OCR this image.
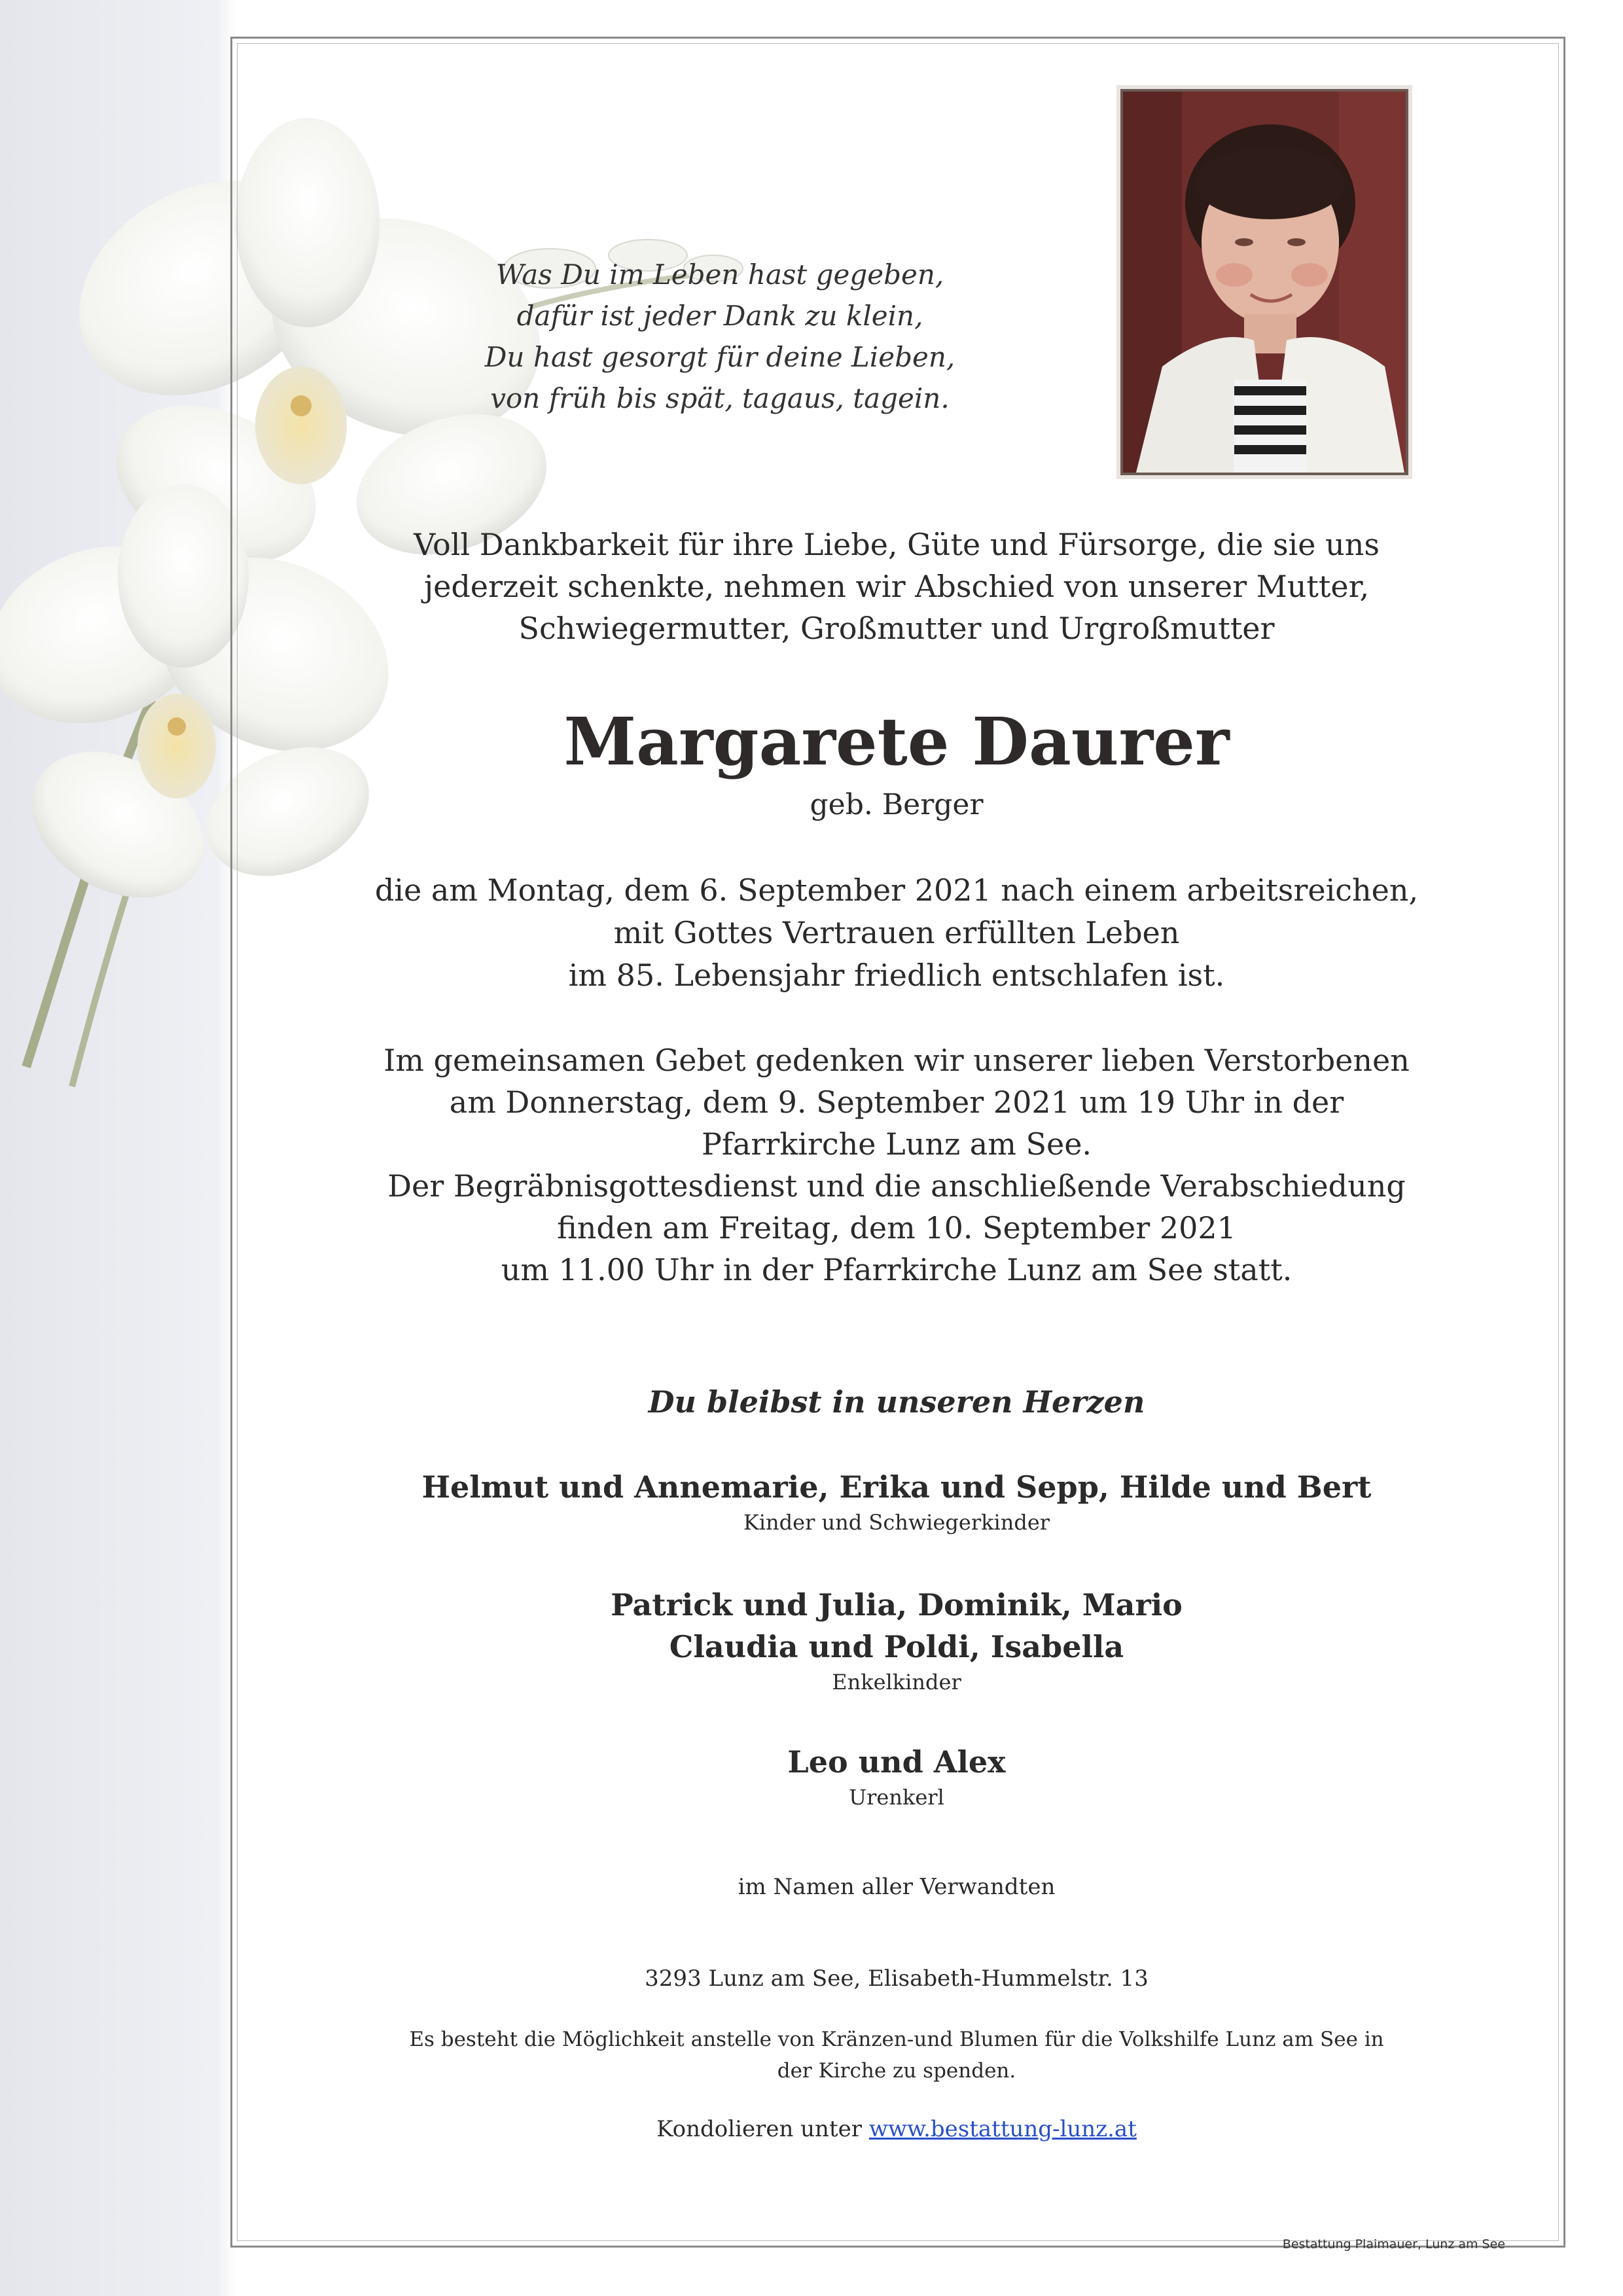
Was Du im Leben hast gegeben,
dafür ist jeder Dank zu klein,
Du hast gesorgt für deine Lieben,
von früh bis spät, tagaus, tagein.
Voll Dankbarkeit für ihre Liebe, Güte und Fürsorge, die sie uns
jederzeit schenkte, nehmen wir Abschied von unserer Mutter,
Schwiegermutter, Großmutter und Urgroßmutter
Margarete Daurer
geb. Berger
die am Montag, dem 6. September 2021 nach einem arbeitsreichen,
mit Gottes Vertrauen erfüllten Leben
im 85. Lebensjahr friedlich entschlafen ist.
Im gemeinsamen Gebet gedenken wir unserer lieben Verstorbenen
am Donnerstag, dem 9. September 2021 um 19 Uhr in der
Pfarrkirche Lunz am See.
Der Begräbnisgottesdienst und die anschließende Verabschiedung
finden am Freitag, dem 10. September 2021
um 11.00 Uhr in der Pfarrkirche Lunz am See statt.
Du bleibst in unseren Herzen
Helmut und Annemarie, Erika und Sepp, Hilde und Bert
Kinder und Schwiegerkinder
Patrick und Julia, Dominik, Mario
Claudia und Poldi, Isabella
Enkelkinder
Leo und Alex
Urenkerl
im Namen aller Verwandten
3293 Lunz am See, Elisabeth-Hummelstr. 13
Es besteht die Möglichkeit anstelle von Kränzen-und Blumen für die Volkshilfe Lunz am See in
der Kirche zu spenden.
Kondolieren unter www.bestattung-lunz.at
Bestattung Plaimauer, Lunz am See
